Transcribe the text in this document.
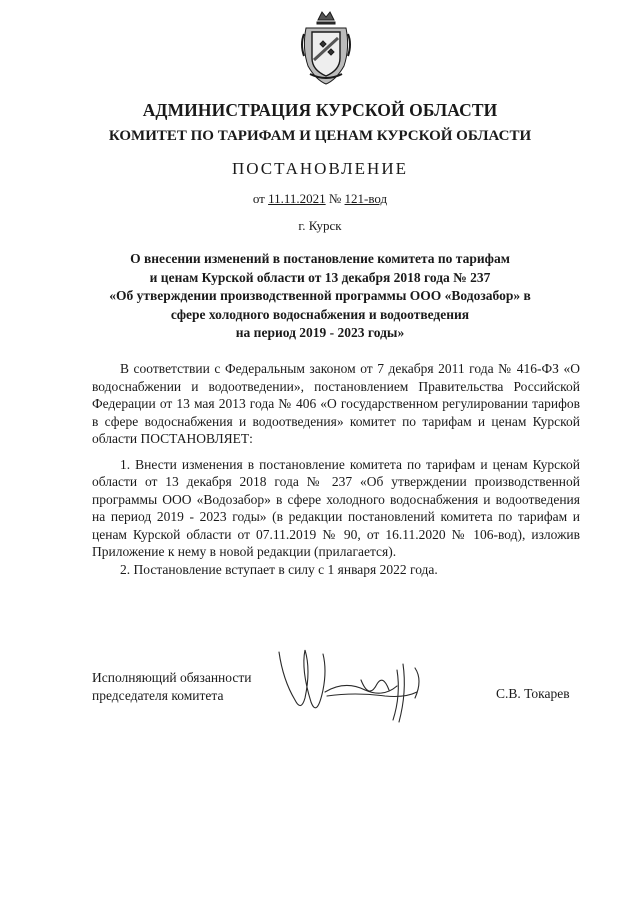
АДМИНИСТРАЦИЯ КУРСКОЙ ОБЛАСТИ
КОМИТЕТ ПО ТАРИФАМ И ЦЕНАМ КУРСКОЙ ОБЛАСТИ
ПОСТАНОВЛЕНИЕ
от 11.11.2021 № 121-вод
г. Курск
О внесении изменений в постановление комитета по тарифам
и ценам Курской области от 13 декабря 2018 года № 237
«Об утверждении производственной программы ООО «Водозабор» в
сфере холодного водоснабжения и водоотведения
на период 2019 - 2023 годы»

В соответствии с Федеральным законом от 7 декабря 2011 года № 416-ФЗ «О водоснабжении и водоотведении», постановлением Правительства Российской Федерации от 13 мая 2013 года № 406 «О государственном регулировании тарифов в сфере водоснабжения и водоотведения» комитет по тарифам и ценам Курской области ПОСТАНОВЛЯЕТ:

1. Внести изменения в постановление комитета по тарифам и ценам Курской области от 13 декабря 2018 года № 237 «Об утверждении производственной программы ООО «Водозабор» в сфере холодного водоснабжения и водоотведения на период 2019 - 2023 годы» (в редакции постановлений комитета по тарифам и ценам Курской области от 07.11.2019 № 90, от 16.11.2020 № 106-вод), изложив Приложение к нему в новой редакции (прилагается).

2. Постановление вступает в силу с 1 января 2022 года.

Исполняющий обязанности
председателя комитета	С.В. Токарев
